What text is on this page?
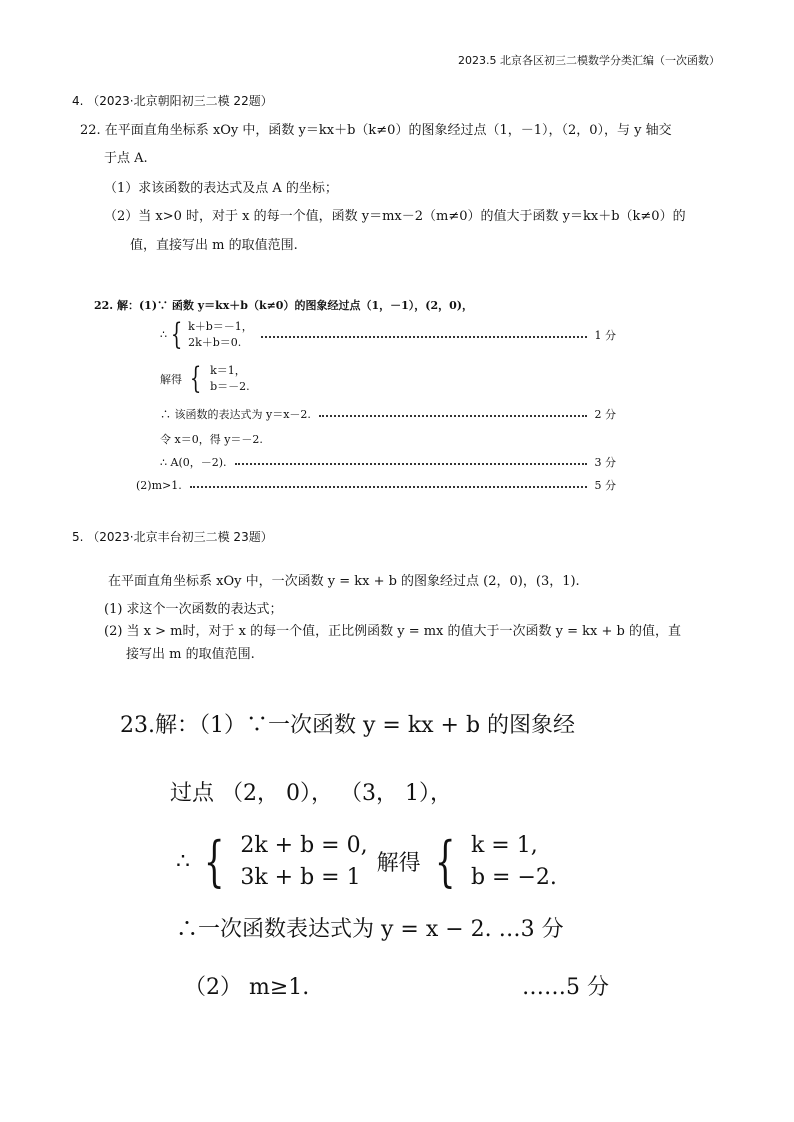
2023.5 北京各区初三二模数学分类汇编（一次函数）
4. （2023·北京朝阳初三二模 22题）
22. 在平面直角坐标系 xOy 中，函数 y＝kx＋b（k≠0）的图象经过点（1，－1），（2，0），与 y 轴交
于点 A.
（1）求该函数的表达式及点 A 的坐标；
（2）当 x>0 时，对于 x 的每一个值，函数 y＝mx－2（m≠0）的值大于函数 y＝kx＋b（k≠0）的
值，直接写出 m 的取值范围.
22. 解：(1)∵ 函数 y＝kx＋b（k≠0）的图象经过点（1，－1），(2，0)，
∴ { k＋b＝－1，
2k＋b＝0.
1 分
解得 { k＝1，
b＝－2.
∴ 该函数的表达式为 y＝x－2.	2 分
令 x＝0，得 y＝－2.
∴ A(0，－2).	3 分
(2)m>1.	5 分
5. （2023·北京丰台初三二模 23题）
在平面直角坐标系 xOy 中，一次函数 y = kx + b 的图象经过点 (2，0)，(3，1).
(1) 求这个一次函数的表达式；
(2) 当 x > m时，对于 x 的每一个值，正比例函数 y = mx 的值大于一次函数 y = kx + b 的值，直
接写出 m 的取值范围.
23.解：（1）∵一次函数 y = kx + b 的图象经
过点 （2， 0）， （3， 1），
∴ { 2k + b = 0,
3k + b = 1
解得 { k = 1,
b = −2.
∴一次函数表达式为 y = x − 2. …3 分
（2） m≥1.	……5 分
